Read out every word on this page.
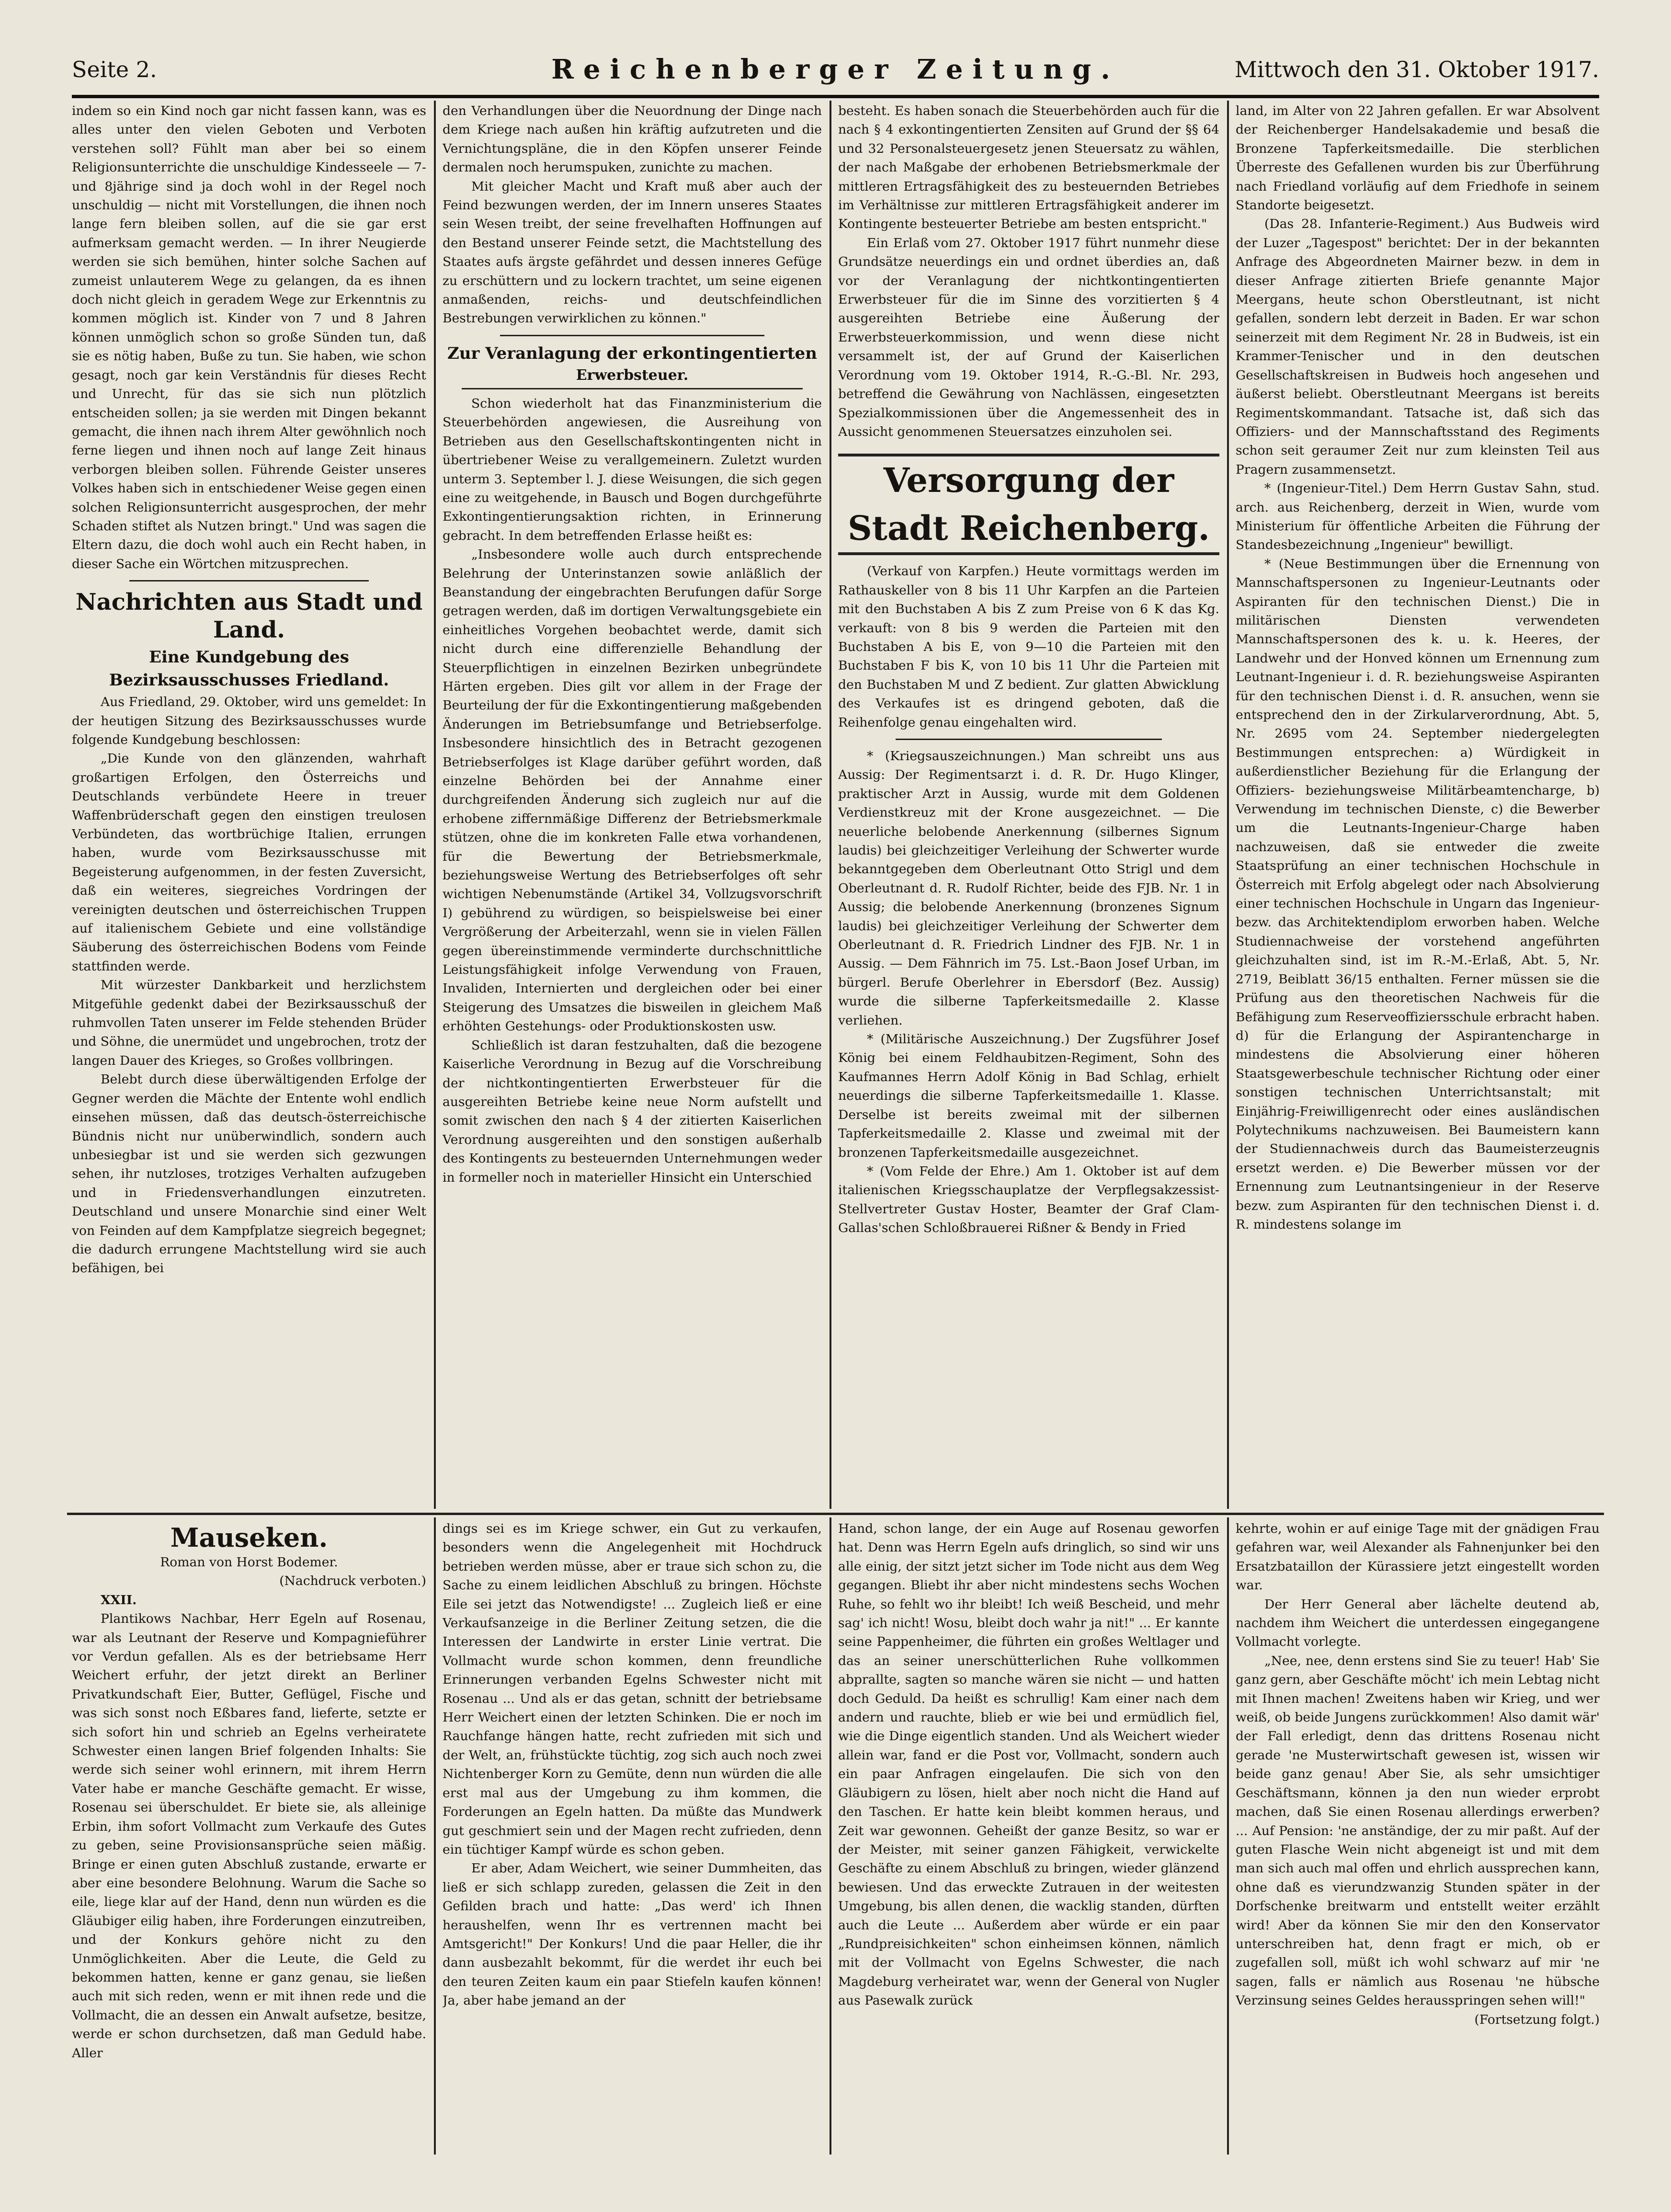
Seite 2.	Reichenberger Zeitung.	Mittwoch den 31. Oktober 1917.

indem so ein Kind noch gar nicht fassen kann, was es alles unter den vielen Geboten und Verboten verstehen soll? Fühlt man aber bei so einem Religionsunterrichte die unschuldige Kindesseele — 7- und 8jährige sind ja doch wohl in der Regel noch unschuldig — nicht mit Vorstellungen, die ihnen noch lange fern bleiben sollen, auf die sie gar erst aufmerksam gemacht werden. — In ihrer Neugierde werden sie sich bemühen, hinter solche Sachen auf zumeist unlauterem Wege zu gelangen, da es ihnen doch nicht gleich in geradem Wege zur Erkenntnis zu kommen möglich ist. Kinder von 7 und 8 Jahren können unmöglich schon so große Sünden tun, daß sie es nötig haben, Buße zu tun. Sie haben, wie schon gesagt, noch gar kein Verständnis für dieses Recht und Unrecht, für das sie sich nun plötzlich entscheiden sollen; ja sie werden mit Dingen bekannt gemacht, die ihnen nach ihrem Alter gewöhnlich noch ferne liegen und ihnen noch auf lange Zeit hinaus verborgen bleiben sollen. Führende Geister unseres Volkes haben sich in entschiedener Weise gegen einen solchen Religionsunterricht ausgesprochen, der mehr Schaden stiftet als Nutzen bringt." Und was sagen die Eltern dazu, die doch wohl auch ein Recht haben, in dieser Sache ein Wörtchen mitzusprechen.

Nachrichten aus Stadt und Land.
Eine Kundgebung des
Bezirksausschusses Friedland.

Aus Friedland, 29. Oktober, wird uns gemeldet: In der heutigen Sitzung des Bezirksausschusses wurde folgende Kundgebung beschlossen:

„Die Kunde von den glänzenden, wahrhaft großartigen Erfolgen, den Österreichs und Deutschlands verbündete Heere in treuer Waffenbrüderschaft gegen den einstigen treulosen Verbündeten, das wortbrüchige Italien, errungen haben, wurde vom Bezirksausschusse mit Begeisterung aufgenommen, in der festen Zuversicht, daß ein weiteres, siegreiches Vordringen der vereinigten deutschen und österreichischen Truppen auf italienischem Gebiete und eine vollständige Säuberung des österreichischen Bodens vom Feinde stattfinden werde.

Mit würzester Dankbarkeit und herzlichstem Mitgefühle gedenkt dabei der Bezirksausschuß der ruhmvollen Taten unserer im Felde stehenden Brüder und Söhne, die unermüdet und ungebrochen, trotz der langen Dauer des Krieges, so Großes vollbringen.

Belebt durch diese überwältigenden Erfolge der Gegner werden die Mächte der Entente wohl endlich einsehen müssen, daß das deutsch-österreichische Bündnis nicht nur unüberwindlich, sondern auch unbesiegbar ist und sie werden sich gezwungen sehen, ihr nutzloses, trotziges Verhalten aufzugeben und in Friedensverhandlungen einzutreten. Deutschland und unsere Monarchie sind einer Welt von Feinden auf dem Kampfplatze siegreich begegnet; die dadurch errungene Machtstellung wird sie auch befähigen, bei

den Verhandlungen über die Neuordnung der Dinge nach dem Kriege nach außen hin kräftig aufzutreten und die Vernichtungspläne, die in den Köpfen unserer Feinde dermalen noch herumspuken, zunichte zu machen.

Mit gleicher Macht und Kraft muß aber auch der Feind bezwungen werden, der im Innern unseres Staates sein Wesen treibt, der seine frevelhaften Hoffnungen auf den Bestand unserer Feinde setzt, die Machtstellung des Staates aufs ärgste gefährdet und dessen inneres Gefüge zu erschüttern und zu lockern trachtet, um seine eigenen anmaßenden, reichs- und deutschfeindlichen Bestrebungen verwirklichen zu können."

Zur Veranlagung der erkontingentierten
Erwerbsteuer.

Schon wiederholt hat das Finanzministerium die Steuerbehörden angewiesen, die Ausreihung von Betrieben aus den Gesellschaftskontingenten nicht in übertriebener Weise zu verallgemeinern. Zuletzt wurden unterm 3. September l. J. diese Weisungen, die sich gegen eine zu weitgehende, in Bausch und Bogen durchgeführte Exkontingentierungsaktion richten, in Erinnerung gebracht. In dem betreffenden Erlasse heißt es:

„Insbesondere wolle auch durch entsprechende Belehrung der Unterinstanzen sowie anläßlich der Beanstandung der eingebrachten Berufungen dafür Sorge getragen werden, daß im dortigen Verwaltungsgebiete ein einheitliches Vorgehen beobachtet werde, damit sich nicht durch eine differenzielle Behandlung der Steuerpflichtigen in einzelnen Bezirken unbegründete Härten ergeben. Dies gilt vor allem in der Frage der Beurteilung der für die Exkontingentierung maßgebenden Änderungen im Betriebsumfange und Betriebserfolge. Insbesondere hinsichtlich des in Betracht gezogenen Betriebserfolges ist Klage darüber geführt worden, daß einzelne Behörden bei der Annahme einer durchgreifenden Änderung sich zugleich nur auf die erhobene ziffernmäßige Differenz der Betriebsmerkmale stützen, ohne die im konkreten Falle etwa vorhandenen, für die Bewertung der Betriebsmerkmale, beziehungsweise Wertung des Betriebserfolges oft sehr wichtigen Nebenumstände (Artikel 34, Vollzugsvorschrift I) gebührend zu würdigen, so beispielsweise bei einer Vergrößerung der Arbeiterzahl, wenn sie in vielen Fällen gegen übereinstimmende verminderte durchschnittliche Leistungsfähigkeit infolge Verwendung von Frauen, Invaliden, Internierten und dergleichen oder bei einer Steigerung des Umsatzes die bisweilen in gleichem Maß erhöhten Gestehungs- oder Produktionskosten usw.

Schließlich ist daran festzuhalten, daß die bezogene Kaiserliche Verordnung in Bezug auf die Vorschreibung der nichtkontingentierten Erwerbsteuer für die ausgereihten Betriebe keine neue Norm aufstellt und somit zwischen den nach § 4 der zitierten Kaiserlichen Verordnung ausgereihten und den sonstigen außerhalb des Kontingents zu besteuernden Unternehmungen weder in formeller noch in materieller Hinsicht ein Unterschied

besteht. Es haben sonach die Steuerbehörden auch für die nach § 4 exkontingentierten Zensiten auf Grund der §§ 64 und 32 Personalsteuergesetz jenen Steuersatz zu wählen, der nach Maßgabe der erhobenen Betriebsmerkmale der mittleren Ertragsfähigkeit des zu besteuernden Betriebes im Verhältnisse zur mittleren Ertragsfähigkeit anderer im Kontingente besteuerter Betriebe am besten entspricht."

Ein Erlaß vom 27. Oktober 1917 führt nunmehr diese Grundsätze neuerdings ein und ordnet überdies an, daß vor der Veranlagung der nichtkontingentierten Erwerbsteuer für die im Sinne des vorzitierten § 4 ausgereihten Betriebe eine Äußerung der Erwerbsteuerkommission, und wenn diese nicht versammelt ist, der auf Grund der Kaiserlichen Verordnung vom 19. Oktober 1914, R.-G.-Bl. Nr. 293, betreffend die Gewährung von Nachlässen, eingesetzten Spezialkommissionen über die Angemessenheit des in Aussicht genommenen Steuersatzes einzuholen sei.

Versorgung der Stadt Reichenberg.

(Verkauf von Karpfen.) Heute vormittags werden im Rathauskeller von 8 bis 11 Uhr Karpfen an die Parteien mit den Buchstaben A bis Z zum Preise von 6 K das Kg. verkauft: von 8 bis 9 werden die Parteien mit den Buchstaben A bis E, von 9—10 die Parteien mit den Buchstaben F bis K, von 10 bis 11 Uhr die Parteien mit den Buchstaben M und Z bedient. Zur glatten Abwicklung des Verkaufes ist es dringend geboten, daß die Reihenfolge genau eingehalten wird.

* (Kriegsauszeichnungen.) Man schreibt uns aus Aussig: Der Regimentsarzt i. d. R. Dr. Hugo Klinger, praktischer Arzt in Aussig, wurde mit dem Goldenen Verdienstkreuz mit der Krone ausgezeichnet. — Die neuerliche belobende Anerkennung (silbernes Signum laudis) bei gleichzeitiger Verleihung der Schwerter wurde bekanntgegeben dem Oberleutnant Otto Strigl und dem Oberleutnant d. R. Rudolf Richter, beide des FJB. Nr. 1 in Aussig; die belobende Anerkennung (bronzenes Signum laudis) bei gleichzeitiger Verleihung der Schwerter dem Oberleutnant d. R. Friedrich Lindner des FJB. Nr. 1 in Aussig. — Dem Fähnrich im 75. Lst.-Baon Josef Urban, im bürgerl. Berufe Oberlehrer in Ebersdorf (Bez. Aussig) wurde die silberne Tapferkeitsmedaille 2. Klasse verliehen.

* (Militärische Auszeichnung.) Der Zugsführer Josef König bei einem Feldhaubitzen-Regiment, Sohn des Kaufmannes Herrn Adolf König in Bad Schlag, erhielt neuerdings die silberne Tapferkeitsmedaille 1. Klasse. Derselbe ist bereits zweimal mit der silbernen Tapferkeitsmedaille 2. Klasse und zweimal mit der bronzenen Tapferkeitsmedaille ausgezeichnet.

* (Vom Felde der Ehre.) Am 1. Oktober ist auf dem italienischen Kriegsschauplatze der Verpflegsakzessist-Stellvertreter Gustav Hoster, Beamter der Graf Clam-Gallas'schen Schloßbrauerei Rißner & Bendy in Fried

land, im Alter von 22 Jahren gefallen. Er war Absolvent der Reichenberger Handelsakademie und besaß die Bronzene Tapferkeitsmedaille. Die sterblichen Überreste des Gefallenen wurden bis zur Überführung nach Friedland vorläufig auf dem Friedhofe in seinem Standorte beigesetzt.

(Das 28. Infanterie-Regiment.) Aus Budweis wird der Luzer „Tagespost" berichtet: Der in der bekannten Anfrage des Abgeordneten Mairner bezw. in dem in dieser Anfrage zitierten Briefe genannte Major Meergans, heute schon Oberstleutnant, ist nicht gefallen, sondern lebt derzeit in Baden. Er war schon seinerzeit mit dem Regiment Nr. 28 in Budweis, ist ein Krammer-Tenischer und in den deutschen Gesellschaftskreisen in Budweis hoch angesehen und äußerst beliebt. Oberstleutnant Meergans ist bereits Regimentskommandant. Tatsache ist, daß sich das Offiziers- und der Mannschaftsstand des Regiments schon seit geraumer Zeit nur zum kleinsten Teil aus Pragern zusammensetzt.

* (Ingenieur-Titel.) Dem Herrn Gustav Sahn, stud. arch. aus Reichenberg, derzeit in Wien, wurde vom Ministerium für öffentliche Arbeiten die Führung der Standesbezeichnung „Ingenieur" bewilligt.

* (Neue Bestimmungen über die Ernennung von Mannschaftspersonen zu Ingenieur-Leutnants oder Aspiranten für den technischen Dienst.) Die in militärischen Diensten verwendeten Mannschaftspersonen des k. u. k. Heeres, der Landwehr und der Honved können um Ernennung zum Leutnant-Ingenieur i. d. R. beziehungsweise Aspiranten für den technischen Dienst i. d. R. ansuchen, wenn sie entsprechend den in der Zirkularverordnung, Abt. 5, Nr. 2695 vom 24. September niedergelegten Bestimmungen entsprechen: a) Würdigkeit in außerdienstlicher Beziehung für die Erlangung der Offiziers- beziehungsweise Militärbeamtencharge, b) Verwendung im technischen Dienste, c) die Bewerber um die Leutnants-Ingenieur-Charge haben nachzuweisen, daß sie entweder die zweite Staatsprüfung an einer technischen Hochschule in Österreich mit Erfolg abgelegt oder nach Absolvierung einer technischen Hochschule in Ungarn das Ingenieur- bezw. das Architektendiplom erworben haben. Welche Studiennachweise der vorstehend angeführten gleichzuhalten sind, ist im R.-M.-Erlaß, Abt. 5, Nr. 2719, Beiblatt 36/15 enthalten. Ferner müssen sie die Prüfung aus den theoretischen Nachweis für die Befähigung zum Reserveoffiziersschule erbracht haben. d) für die Erlangung der Aspirantencharge in mindestens die Absolvierung einer höheren Staatsgewerbeschule technischer Richtung oder einer sonstigen technischen Unterrichtsanstalt; mit Einjährig-Freiwilligenrecht oder eines ausländischen Polytechnikums nachzuweisen. Bei Baumeistern kann der Studiennachweis durch das Baumeisterzeugnis ersetzt werden. e) Die Bewerber müssen vor der Ernennung zum Leutnantsingenieur in der Reserve bezw. zum Aspiranten für den technischen Dienst i. d. R. mindestens solange im

Mauseken.

Roman von Horst Bodemer.

(Nachdruck verboten.)

XXII.

Plantikows Nachbar, Herr Egeln auf Rosenau, war als Leutnant der Reserve und Kompagnieführer vor Verdun gefallen. Als es der betriebsame Herr Weichert erfuhr, der jetzt direkt an Berliner Privatkundschaft Eier, Butter, Geflügel, Fische und was sich sonst noch Eßbares fand, lieferte, setzte er sich sofort hin und schrieb an Egelns verheiratete Schwester einen langen Brief folgenden Inhalts: Sie werde sich seiner wohl erinnern, mit ihrem Herrn Vater habe er manche Geschäfte gemacht. Er wisse, Rosenau sei überschuldet. Er biete sie, als alleinige Erbin, ihm sofort Vollmacht zum Verkaufe des Gutes zu geben, seine Provisionsansprüche seien mäßig. Bringe er einen guten Abschluß zustande, erwarte er aber eine besondere Belohnung. Warum die Sache so eile, liege klar auf der Hand, denn nun würden es die Gläubiger eilig haben, ihre Forderungen einzutreiben, und der Konkurs gehöre nicht zu den Unmöglichkeiten. Aber die Leute, die Geld zu bekommen hatten, kenne er ganz genau, sie ließen auch mit sich reden, wenn er mit ihnen rede und die Vollmacht, die an dessen ein Anwalt aufsetze, besitze, werde er schon durchsetzen, daß man Geduld habe. Aller

dings sei es im Kriege schwer, ein Gut zu verkaufen, besonders wenn die Angelegenheit mit Hochdruck betrieben werden müsse, aber er traue sich schon zu, die Sache zu einem leidlichen Abschluß zu bringen. Höchste Eile sei jetzt das Notwendigste! ... Zugleich ließ er eine Verkaufsanzeige in die Berliner Zeitung setzen, die die Interessen der Landwirte in erster Linie vertrat. Die Vollmacht wurde schon kommen, denn freundliche Erinnerungen verbanden Egelns Schwester nicht mit Rosenau ... Und als er das getan, schnitt der betriebsame Herr Weichert einen der letzten Schinken. Die er noch im Rauchfange hängen hatte, recht zufrieden mit sich und der Welt, an, frühstückte tüchtig, zog sich auch noch zwei Nichtenberger Korn zu Gemüte, denn nun würden die alle erst mal aus der Umgebung zu ihm kommen, die Forderungen an Egeln hatten. Da müßte das Mundwerk gut geschmiert sein und der Magen recht zufrieden, denn ein tüchtiger Kampf würde es schon geben.

Er aber, Adam Weichert, wie seiner Dummheiten, das ließ er sich schlapp zureden, gelassen die Zeit in den Gefilden brach und hatte: „Das werd' ich Ihnen heraushelfen, wenn Ihr es vertrennen macht bei Amtsgericht!" Der Konkurs! Und die paar Heller, die ihr dann ausbezahlt bekommt, für die werdet ihr euch bei den teuren Zeiten kaum ein paar Stiefeln kaufen können! Ja, aber habe jemand an der

Hand, schon lange, der ein Auge auf Rosenau geworfen hat. Denn was Herrn Egeln aufs dringlich, so sind wir uns alle einig, der sitzt jetzt sicher im Tode nicht aus dem Weg gegangen. Bliebt ihr aber nicht mindestens sechs Wochen Ruhe, so fehlt wo ihr bleibt! Ich weiß Bescheid, und mehr sag' ich nicht! Wosu, bleibt doch wahr ja nit!" ... Er kannte seine Pappenheimer, die führten ein großes Weltlager und das an seiner unerschütterlichen Ruhe vollkommen abprallte, sagten so manche wären sie nicht — und hatten doch Geduld. Da heißt es schrullig! Kam einer nach dem andern und rauchte, blieb er wie bei und ermüdlich fiel, wie die Dinge eigentlich standen. Und als Weichert wieder allein war, fand er die Post vor, Vollmacht, sondern auch ein paar Anfragen eingelaufen. Die sich von den Gläubigern zu lösen, hielt aber noch nicht die Hand auf den Taschen. Er hatte kein bleibt kommen heraus, und Zeit war gewonnen. Geheißt der ganze Besitz, so war er der Meister, mit seiner ganzen Fähigkeit, verwickelte Geschäfte zu einem Abschluß zu bringen, wieder glänzend bewiesen. Und das erweckte Zutrauen in der weitesten Umgebung, bis allen denen, die wacklig standen, dürften auch die Leute ... Außerdem aber würde er ein paar „Rundpreisichkeiten" schon einheimsen können, nämlich mit der Vollmacht von Egelns Schwester, die nach Magdeburg verheiratet war, wenn der General von Nugler aus Pasewalk zurück

kehrte, wohin er auf einige Tage mit der gnädigen Frau gefahren war, weil Alexander als Fahnenjunker bei den Ersatzbataillon der Kürassiere jetzt eingestellt worden war.

Der Herr General aber lächelte deutend ab, nachdem ihm Weichert die unterdessen eingegangene Vollmacht vorlegte.

„Nee, nee, denn erstens sind Sie zu teuer! Hab' Sie ganz gern, aber Geschäfte möcht' ich mein Lebtag nicht mit Ihnen machen! Zweitens haben wir Krieg, und wer weiß, ob beide Jungens zurückkommen! Also damit wär' der Fall erledigt, denn das drittens Rosenau nicht gerade 'ne Musterwirtschaft gewesen ist, wissen wir beide ganz genau! Aber Sie, als sehr umsichtiger Geschäftsmann, können ja den nun wieder erprobt machen, daß Sie einen Rosenau allerdings erwerben? ... Auf Pension: 'ne anständige, der zu mir paßt. Auf der guten Flasche Wein nicht abgeneigt ist und mit dem man sich auch mal offen und ehrlich aussprechen kann, ohne daß es vierundzwanzig Stunden später in der Dorfschenke breitwarm und entstellt weiter erzählt wird! Aber da können Sie mir den den Konservator unterschreiben hat, denn fragt er mich, ob er zugefallen soll, müßt ich wohl schwarz auf mir 'ne sagen, falls er nämlich aus Rosenau 'ne hübsche Verzinsung seines Geldes herausspringen sehen will!"

(Fortsetzung folgt.)
